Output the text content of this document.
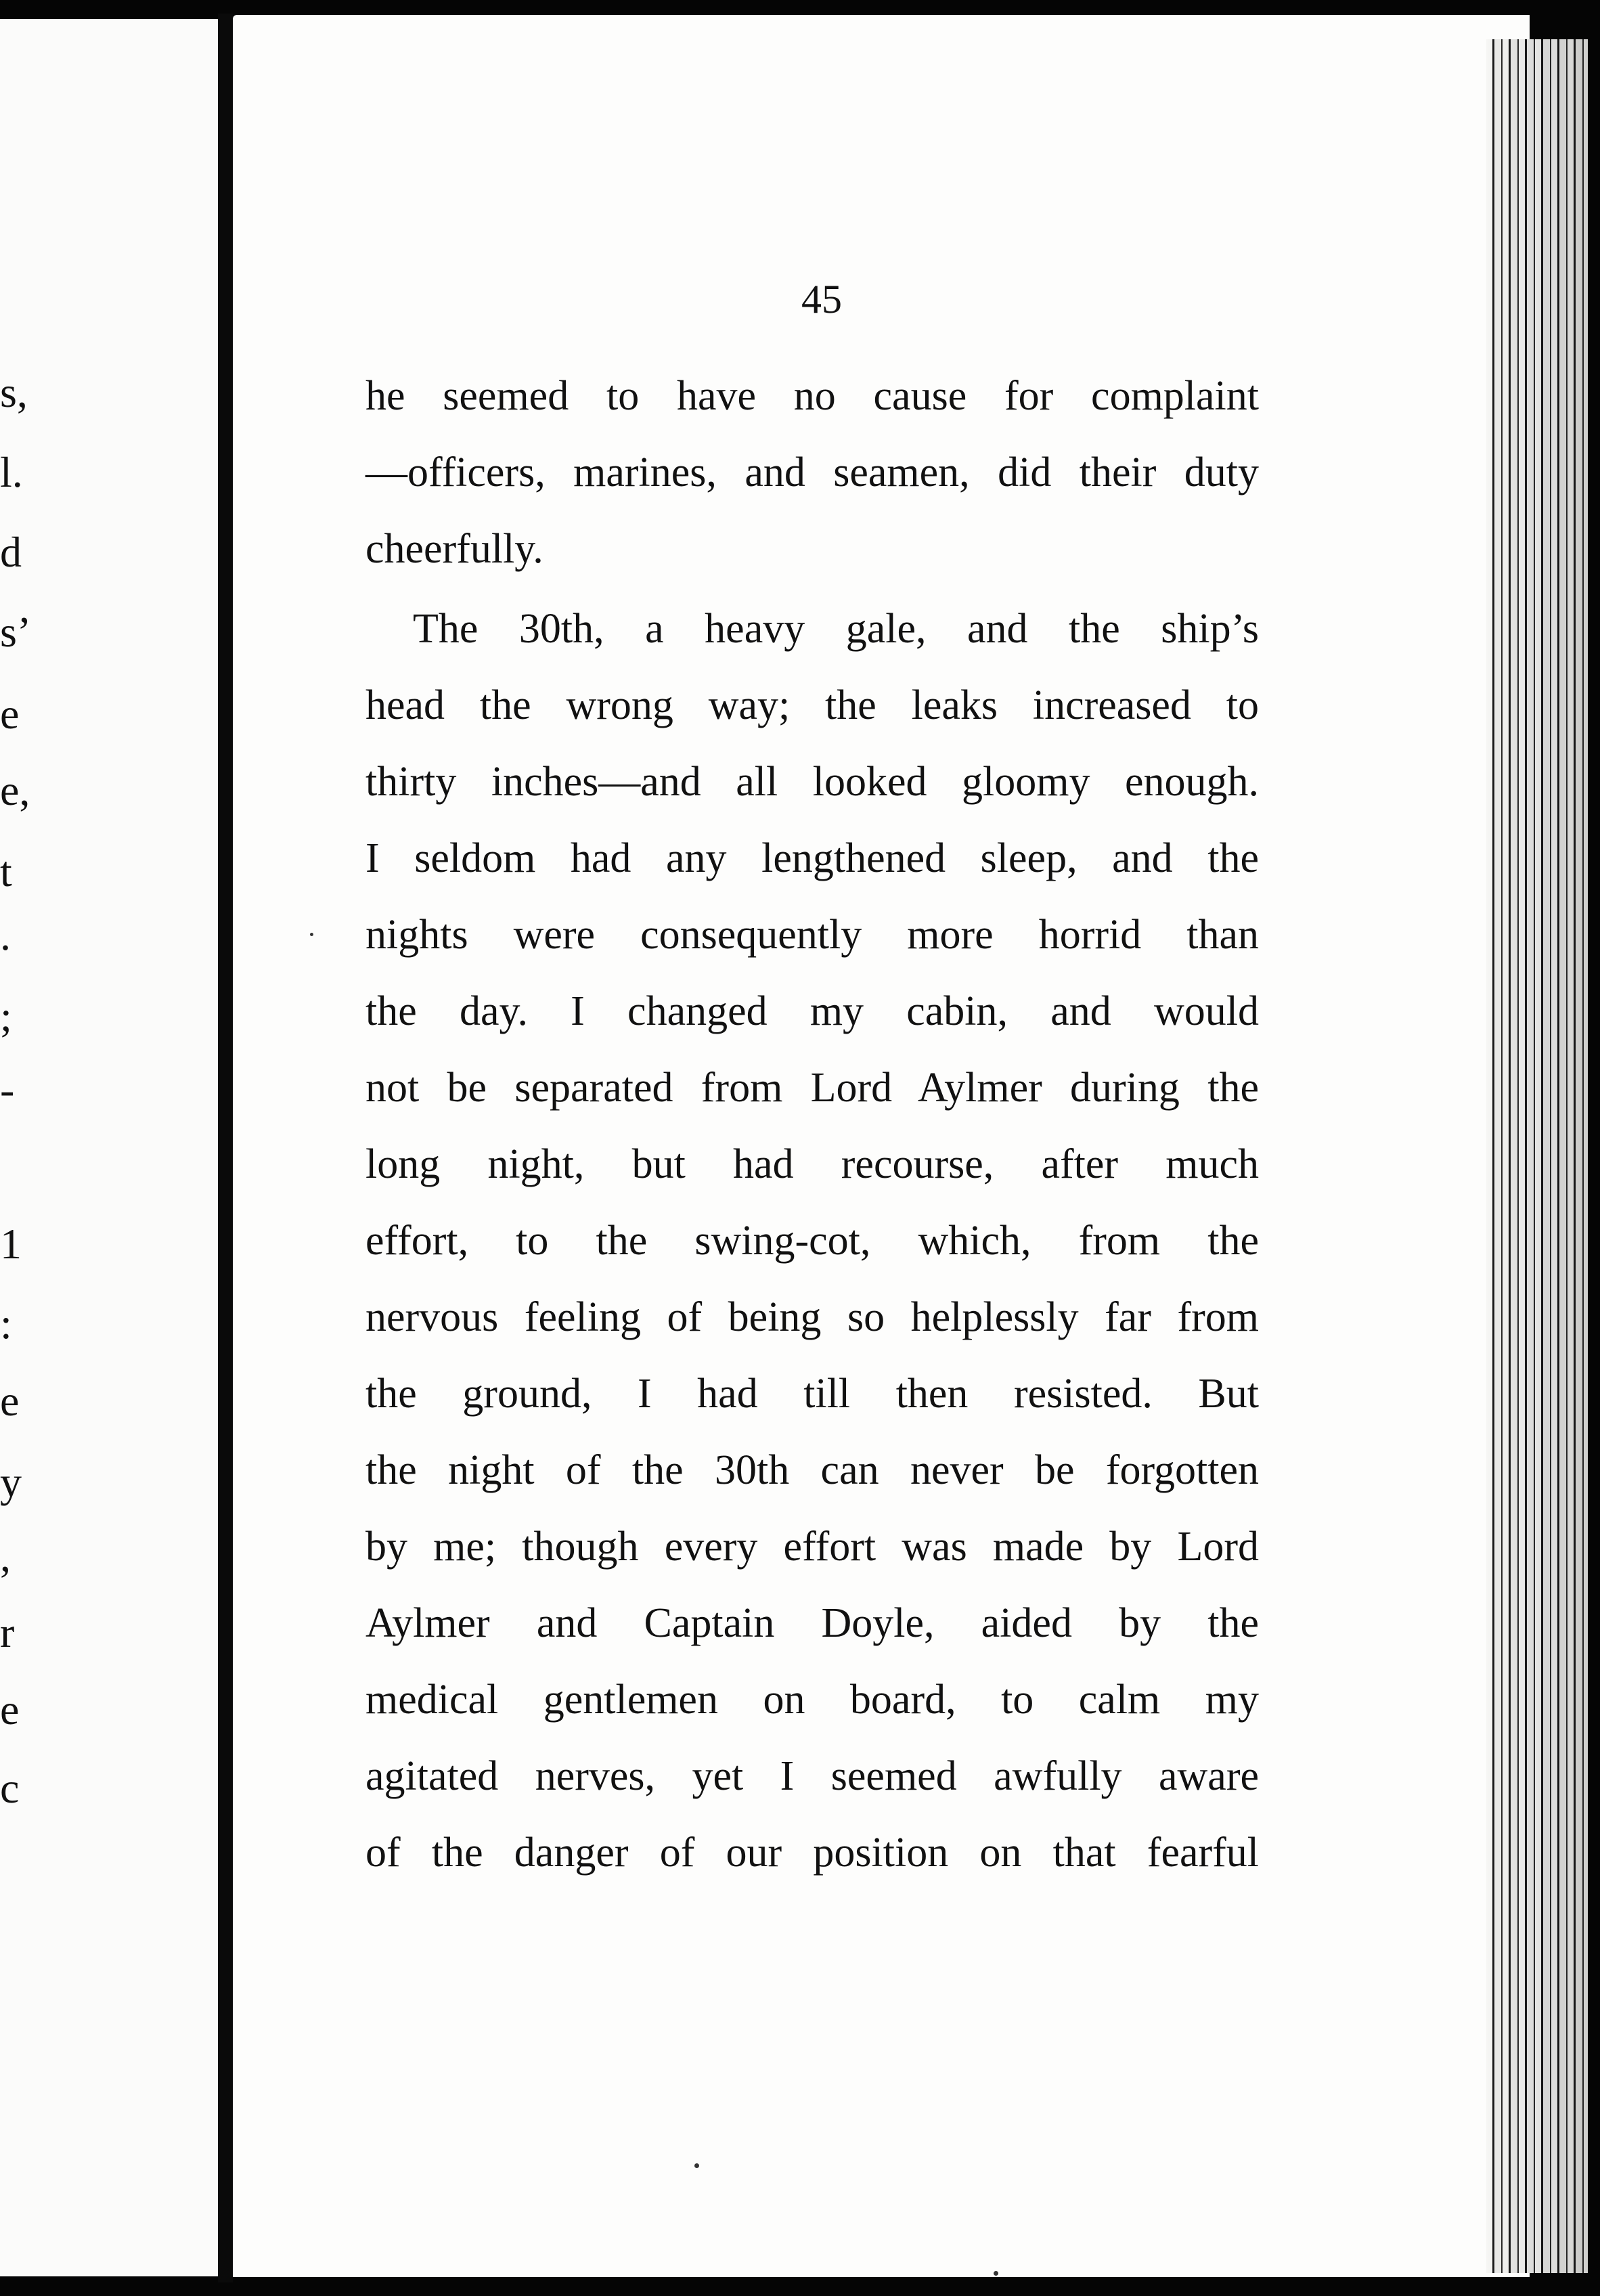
s,
l.
d
s’
e
e,
t
.
;
-
1
:
e
y
,
r
e
c
45
he seemed to have no cause for complaint
—officers, marines, and seamen, did their duty
cheerfully.
The 30th, a heavy gale, and the ship’s
head the wrong way; the leaks increased to
thirty inches—and all looked gloomy enough.
I seldom had any lengthened sleep, and the
nights were consequently more horrid than
the day. I changed my cabin, and would
not be separated from Lord Aylmer during the
long night, but had recourse, after much
effort, to the swing-cot, which, from the
nervous feeling of being so helplessly far from
the ground, I had till then resisted. But
the night of the 30th can never be forgotten
by me; though every effort was made by Lord
Aylmer and Captain Doyle, aided by the
medical gentlemen on board, to calm my
agitated nerves, yet I seemed awfully aware
of the danger of our position on that fearful
